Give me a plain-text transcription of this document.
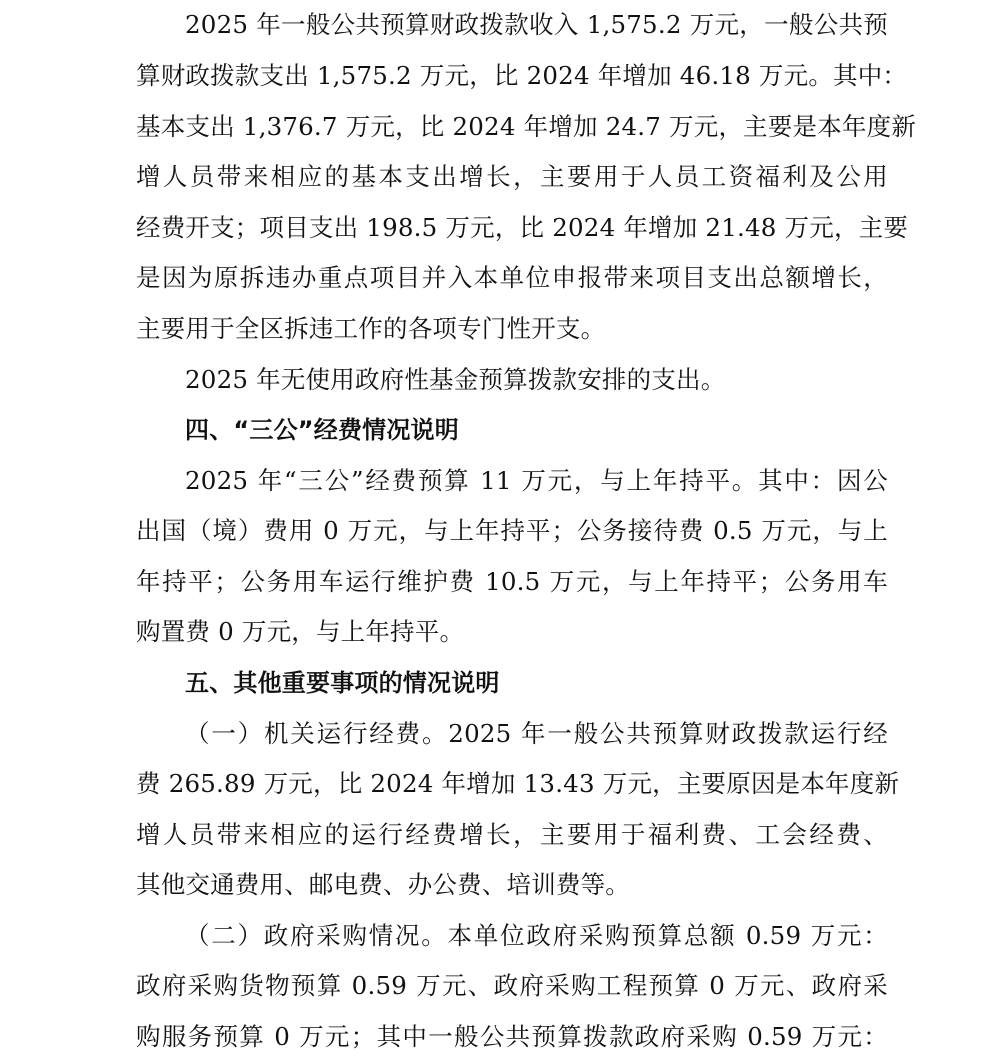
2025 年一般公共预算财政拨款收入 1,575.2 万元，一般公共预
算财政拨款支出 1,575.2 万元，比 2024 年增加 46.18 万元。其中：
基本支出 1,376.7 万元，比 2024 年增加 24.7 万元，主要是本年度新
增人员带来相应的基本支出增长，主要用于人员工资福利及公用
经费开支；项目支出 198.5 万元，比 2024 年增加 21.48 万元，主要
是因为原拆违办重点项目并入本单位申报带来项目支出总额增长，
主要用于全区拆违工作的各项专门性开支。
2025 年无使用政府性基金预算拨款安排的支出。
四、“三公”经费情况说明
2025 年“三公”经费预算 11 万元，与上年持平。其中：因公
出国（境）费用 0 万元，与上年持平；公务接待费 0.5 万元，与上
年持平；公务用车运行维护费 10.5 万元，与上年持平；公务用车
购置费 0 万元，与上年持平。
五、其他重要事项的情况说明
（一）机关运行经费。2025 年一般公共预算财政拨款运行经
费 265.89 万元，比 2024 年增加 13.43 万元，主要原因是本年度新
增人员带来相应的运行经费增长，主要用于福利费、工会经费、
其他交通费用、邮电费、办公费、培训费等。
（二）政府采购情况。本单位政府采购预算总额 0.59 万元：
政府采购货物预算 0.59 万元、政府采购工程预算 0 万元、政府采
购服务预算 0 万元；其中一般公共预算拨款政府采购 0.59 万元：
